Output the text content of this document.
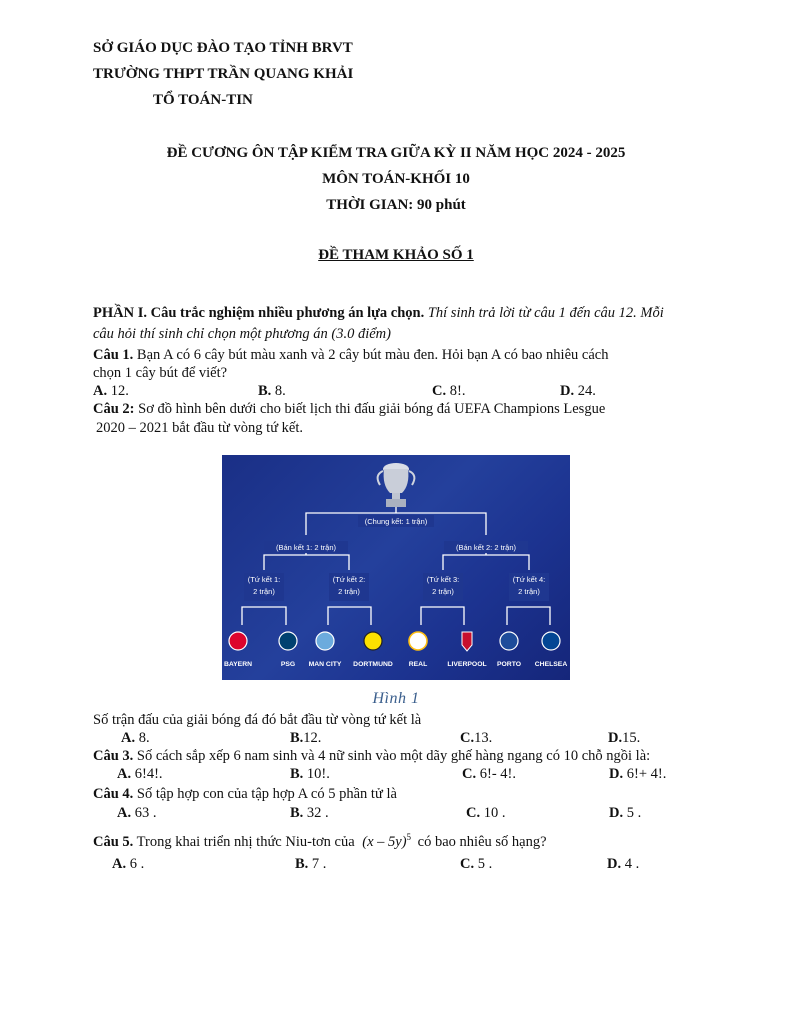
SỞ GIÁO DỤC ĐÀO TẠO TỈNH BRVT
TRƯỜNG THPT TRẦN QUANG KHẢI
TỔ TOÁN-TIN
ĐỀ CƯƠNG ÔN TẬP KIỂM TRA GIỮA KỲ II NĂM HỌC 2024 - 2025
MÔN TOÁN-KHỐI 10
THỜI GIAN: 90 phút
ĐỀ THAM KHẢO SỐ 1
PHẦN I. Câu trắc nghiệm nhiều phương án lựa chọn. Thí sinh trả lời từ câu 1 đến câu 12. Mỗi
câu hỏi thí sinh chỉ chọn một phương án (3.0 điểm)
Câu 1. Bạn A có 6 cây bút màu xanh và 2 cây bút màu đen. Hỏi bạn A có bao nhiêu cách
chọn 1 cây bút để viết?
A. 12.	B. 8.	C. 8!.	D. 24.
Câu 2: Sơ đồ hình bên dưới cho biết lịch thi đấu giải bóng đá UEFA Champions Lesgue
2020 – 2021 bắt đầu từ vòng tứ kết.
(Chung kết: 1 trận)
(Bán kết 1: 2 trận)	(Bán kết 2: 2 trận)
(Tứ kết 1:
2 trận)
(Tứ kết 2:
2 trận)
(Tứ kết 3:
2 trận)
(Tứ kết 4:
2 trận)
BAYERN	PSG MAN CITY DORTMUND REAL	LIVERPOOL PORTO CHELSEA
Hình 1
Số trận đấu của giải bóng đá đó bắt đầu từ vòng tứ kết là
A. 8.	B.12.	C.13.	D.15.
Câu 3. Số cách sắp xếp 6 nam sinh và 4 nữ sinh vào một dãy ghế hàng ngang có 10 chỗ ngồi là:
A. 6!4!.	B. 10!.	C. 6!- 4!.	D. 6!+ 4!.
Câu 4. Số tập hợp con của tập hợp A có 5 phần tử là
A. 63 .	B. 32 .	C. 10 .	D. 5 .
Câu 5. Trong khai triển nhị thức Niu-tơn của (x – 5y)$^5$ có bao nhiêu số hạng?
A. 6 .	B. 7 .	C. 5 .	D. 4 .
